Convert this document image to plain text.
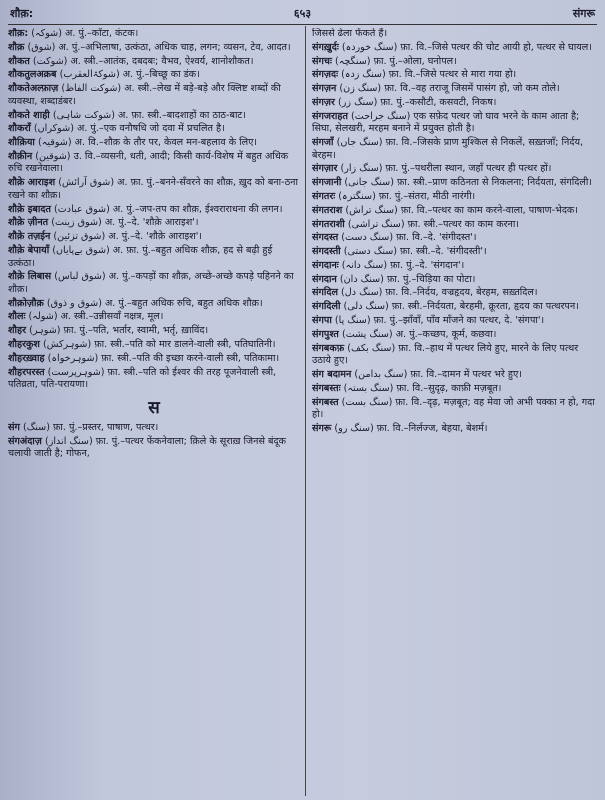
शौक़:	६५३	संगरू
शौक़: (شوکہ) अ. पुं.–काँटा, कंटक।
शौक़ (شوق) अ. पुं.–अभिलाषा, उत्कंठा, अधिक चाह, लगन; व्यसन, टेव, आदत।
शौकत (شوکت) अ. स्त्री.–आतंक, दबदबः; वैभव, ऐश्वर्य, शानोशौकत।
शौकतुलअक्रब (شوکۃالعقرب) अ. पुं.–बिच्छू का डंक।
शौकतेअल्फ़ाज़ (شوکت الفاظ) अ. स्त्री.–लेख में बड़े-बड़े और क्लिष्ट शब्दों की व्यवस्था, शब्दाडंबर।
शौकते शाही (شوکت شاہی) अ. फ़ा. स्त्री.–बादशाहों का ठाठ-बाट।
शौकराँ (شوکراں) अ. पुं.–एक वनौषधि जो दवा में प्रचलित है।
शौक़िया (شوقیہ) अ. वि.–शौक़ के तौर पर, केवल मन-बहलाव के लिए।
शौक़ीन (شوقین) उ. वि.–व्यसनी, धती, आदी; किसी कार्य-विशेष में बहुत अधिक रुचि रखनेवाला।
शौक़े आराइश (شوق آرائش) अ. फ़ा. पुं.–बनने-सँवरने का शौक़, ख़ुद को बना-ठना रखने का शौक़।
शौक़े इबादत (شوق عبادت) अ. पुं.–जप-तप का शौक़, ईश्वराराधना की लगन।
शौक़े ज़ीनत (شوق زینت) अ. पुं.–दे. 'शौक़े आराइश'।
शौक़े तज़ईन (شوق تزئین) अ. पुं.–दे. 'शौक़े आराइश'।
शौक़े बेपायाँ (شوق بےپایاں) अ. फ़ा. पुं.–बहुत अधिक शौक़, हद से बढ़ी हुई उत्कंठा।
शौक़े लिबास (شوق لباس) अ. पुं.–कपड़ों का शौक़, अच्छे-अच्छे कपड़े पहिनने का शौक़।
शौक़ोज़ौक़ (شوق و ذوق) अ. पुं.–बहुत अधिक रुचि, बहुत अधिक शौक़।
शौलः (شولہ) अ. स्त्री.–उन्नीसवाँ नक्षत्र, मूल।
शौहर (شوہر) फ़ा. पुं.–पति, भर्तार, स्वामी, भर्तृ, ख़ाविंद।
शौहरकुश (شوہرکش) फ़ा. स्त्री.–पति को मार डालने-वाली स्त्री, पतिघातिनी।
शौहरख़्वाह (شوہرخواہ) फ़ा. स्त्री.–पति की इच्छा करने-वाली स्त्री, पतिकामा।
शौहरपरस्त (شوہرپرست) फ़ा. स्त्री.–पति को ईश्वर की तरह पूजनेवाली स्त्री, पतिव्रता, पति-परायणा।
स
संग (سنگ) फ़ा. पुं.–प्रस्तर, पाषाण, पत्थर।
संगअंदाज़ (سنگ انداز) फ़ा. पुं.–पत्थर फेंकनेवाला; क़िले के सूराख़ जिनसे बंदूक चलायी जाती है; गोफन,
जिससे ढेला फेंकते हैं।
संगख़ुर्दः (سنگ خوردہ) फ़ा. वि.–जिसे पत्थर की चोट आयी हो, पत्थर से घायल।
संगचः (سنگچہ) फ़ा. पुं.–ओला, घनोपल।
संगज़दः (سنگ زدہ) फ़ा. वि.–जिसे पत्थर से मारा गया हो।
संगज़न (سنگ زن) फ़ा. वि.–वह तराजू जिसमें पासंग हो, जो कम तोले।
संगज़र (سنگ زر) फ़ा. पुं.–कसौटी, कसवटी, निकष।
संगजराहत (سنگ جراحت) एक सफ़ेद पत्थर जो घाव भरने के काम आता है; सिघा, सेलखरी, मरहम बनाने में प्रयुक्त होती है।
संगजाँ (سنگ جاں) फ़ा. वि.–जिसके प्राण मुश्किल से निकलें, सख़्तजाँ; निर्दय, बेरहम।
संगज़ार (سنگ زار) फ़ा. पुं.–पथरीला स्थान, जहाँ पत्थर ही पत्थर हों।
संगजानी (سنگ جانی) फ़ा. स्त्री.–प्राण कठिनता से निकलना; निर्दयता, संगदिली।
संगतरः (سنگترہ) फ़ा. पुं.–संतरा, मीठी नारंगी।
संगतराश (سنگ تراش) फ़ा. वि.–पत्थर का काम करने-वाला, पाषाण-भेदक।
संगतराशी (سنگ تراشی) फ़ा. स्त्री.–पत्थर का काम करना।
संगदस्त (سنگ دست) फ़ा. वि.–दे. 'संगीदस्त'।
संगदस्ती (سنگ دستی) फ़ा. स्त्री.–दे. 'संगीदस्ती'।
संगदानः (سنگ دانہ) फ़ा. पुं.–दे. 'संगदान'।
संगदान (سنگ دان) फ़ा. पुं.–चिड़िया का पोटा।
संगदिल (سنگ دل) फ़ा. वि.–निर्दय, वज्रहृदय, बेरहम, सख़्तदिल।
संगदिली (سنگ دلی) फ़ा. स्त्री.–निर्दयता, बेरहमी, क्रूरता, हृदय का पत्थरपन।
संगपा (سنگ پا) फ़ा. पुं.–झाँवाँ, पाँव माँजने का पत्थर, दे. 'संगपा'।
संगपुश्त (سنگ پشت) अ. पुं.–कच्छप, कूर्म, कछवा।
संगबकफ़ (سنگ بکف) फ़ा. वि.–हाथ में पत्थर लिये हुए, मारने के लिए पत्थर उठाये हुए।
संग बदामन (سنگ بدامن) फ़ा. वि.–दामन में पत्थर भरे हुए।
संगबस्तः (سنگ بستہ) फ़ा. वि.–सुदृढ़, काफ़ी मज़बूत।
संगबस्त (سنگ بست) फ़ा. वि.–दृढ़, मज़बूत; वह मेवा जो अभी पक्का न हो, गदा हो।
संगरू (سنگ رو) फ़ा. वि.–निर्लज्ज, बेहया, बेशर्म।
